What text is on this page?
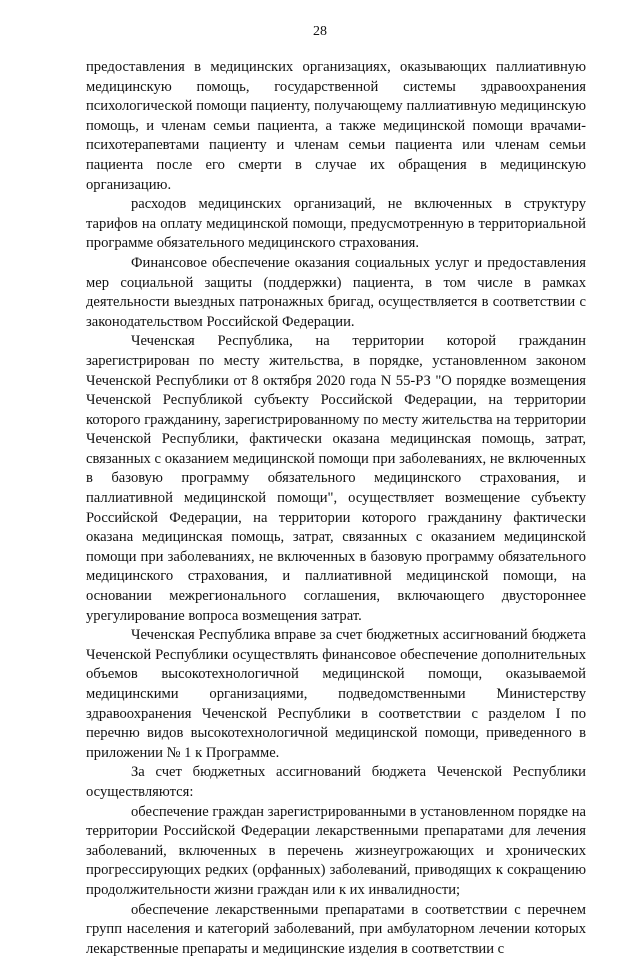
28

предоставления в медицинских организациях, оказывающих паллиативную медицинскую помощь, государственной системы здравоохранения психологической помощи пациенту, получающему паллиативную медицинскую помощь, и членам семьи пациента, а также медицинской помощи врачами-психотерапевтами пациенту и членам семьи пациента или членам семьи пациента после его смерти в случае их обращения в медицинскую организацию.

расходов медицинских организаций, не включенных в структуру тарифов на оплату медицинской помощи, предусмотренную в территориальной программе обязательного медицинского страхования.

Финансовое обеспечение оказания социальных услуг и предоставления мер социальной защиты (поддержки) пациента, в том числе в рамках деятельности выездных патронажных бригад, осуществляется в соответствии с законодательством Российской Федерации.

Чеченская Республика, на территории которой гражданин зарегистрирован по месту жительства, в порядке, установленном законом Чеченской Республики от 8 октября 2020 года N 55-РЗ "О порядке возмещения Чеченской Республикой субъекту Российской Федерации, на территории которого гражданину, зарегистрированному по месту жительства на территории Чеченской Республики, фактически оказана медицинская помощь, затрат, связанных с оказанием медицинской помощи при заболеваниях, не включенных в базовую программу обязательного медицинского страхования, и паллиативной медицинской помощи", осуществляет возмещение субъекту Российской Федерации, на территории которого гражданину фактически оказана медицинская помощь, затрат, связанных с оказанием медицинской помощи при заболеваниях, не включенных в базовую программу обязательного медицинского страхования, и паллиативной медицинской помощи, на основании межрегионального соглашения, включающего двустороннее урегулирование вопроса возмещения затрат.

Чеченская Республика вправе за счет бюджетных ассигнований бюджета Чеченской Республики осуществлять финансовое обеспечение дополнительных объемов высокотехнологичной медицинской помощи, оказываемой медицинскими организациями, подведомственными Министерству здравоохранения Чеченской Республики в соответствии с разделом I по перечню видов высокотехнологичной медицинской помощи, приведенного в приложении № 1 к Программе.

За счет бюджетных ассигнований бюджета Чеченской Республики осуществляются:

обеспечение граждан зарегистрированными в установленном порядке на территории Российской Федерации лекарственными препаратами для лечения заболеваний, включенных в перечень жизнеугрожающих и хронических прогрессирующих редких (орфанных) заболеваний, приводящих к сокращению продолжительности жизни граждан или к их инвалидности;

обеспечение лекарственными препаратами в соответствии с перечнем групп населения и категорий заболеваний, при амбулаторном лечении которых лекарственные препараты и медицинские изделия в соответствии с
